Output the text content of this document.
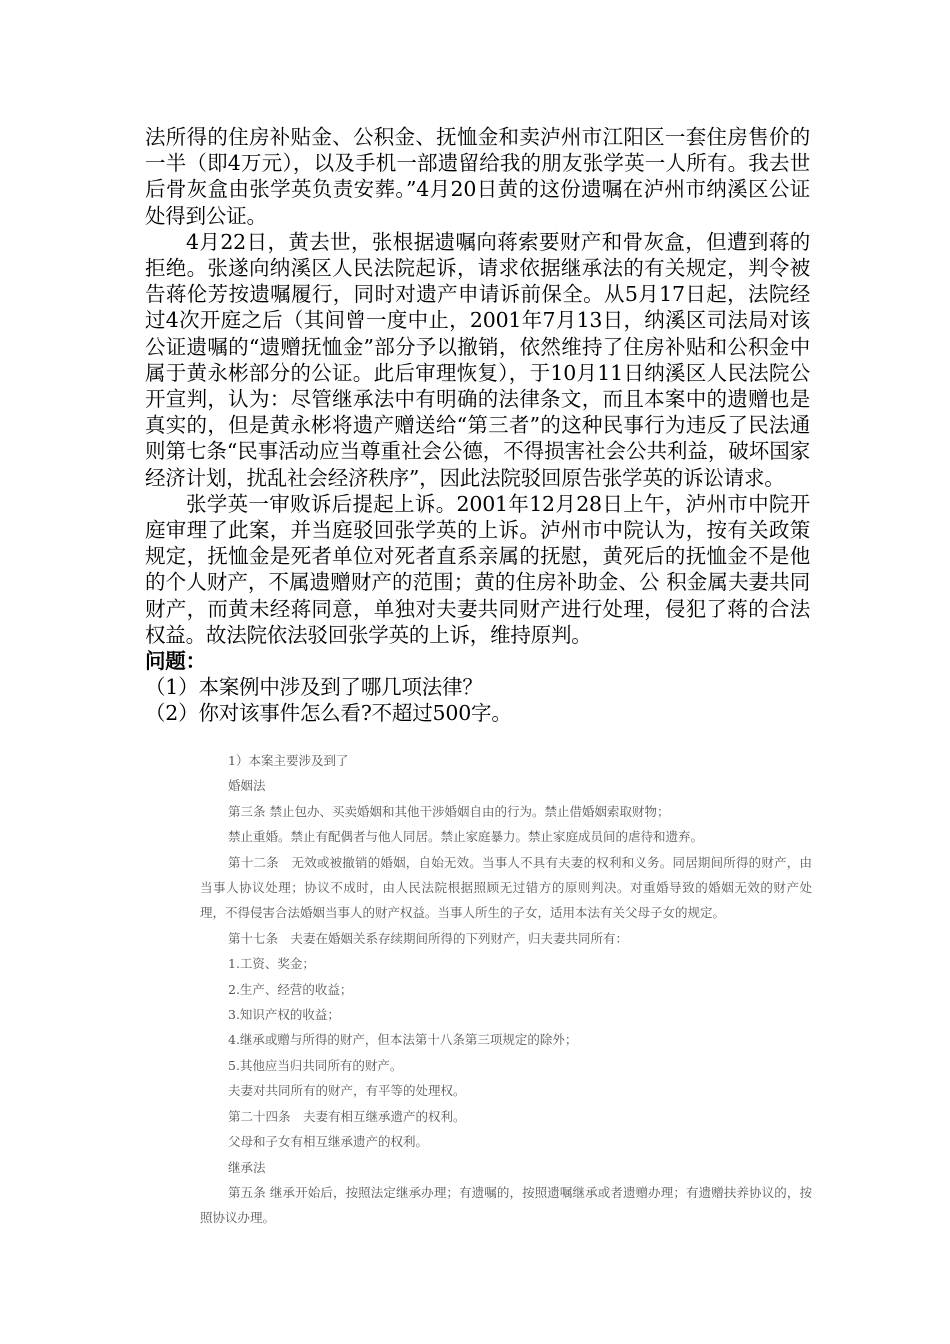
法所得的住房补贴金、公积金、抚恤金和卖泸州市江阳区一套住房售价的一半（即4万元），以及手机一部遗留给我的朋友张学英一人所有。我去世后骨灰盒由张学英负责安葬。”4月20日黄的这份遗嘱在泸州市纳溪区公证处得到公证。

4月22日，黄去世，张根据遗嘱向蒋索要财产和骨灰盒，但遭到蒋的拒绝。张遂向纳溪区人民法院起诉，请求依据继承法的有关规定，判令被告蒋伦芳按遗嘱履行，同时对遗产申请诉前保全。从5月17日起，法院经过4次开庭之后（其间曾一度中止，2001年7月13日，纳溪区司法局对该公证遗嘱的“遗赠抚恤金”部分予以撤销，依然维持了住房补贴和公积金中属于黄永彬部分的公证。此后审理恢复），于10月11日纳溪区人民法院公开宣判，认为：尽管继承法中有明确的法律条文，而且本案中的遗赠也是真实的，但是黄永彬将遗产赠送给“第三者”的这种民事行为违反了民法通则第七条“民事活动应当尊重社会公德，不得损害社会公共利益，破坏国家经济计划，扰乱社会经济秩序”，因此法院驳回原告张学英的诉讼请求。

张学英一审败诉后提起上诉。2001年12月28日上午，泸州市中院开庭审理了此案，并当庭驳回张学英的上诉。泸州市中院认为，按有关政策规定，抚恤金是死者单位对死者直系亲属的抚慰，黄死后的抚恤金不是他的个人财产，不属遗赠财产的范围；黄的住房补助金、公 积金属夫妻共同财产，而黄未经蒋同意，单独对夫妻共同财产进行处理，侵犯了蒋的合法权益。故法院依法驳回张学英的上诉，维持原判。

问题：

（1）本案例中涉及到了哪几项法律？

（2）你对该事件怎么看?不超过500字。

1）本案主要涉及到了

婚姻法

第三条 禁止包办、买卖婚姻和其他干涉婚姻自由的行为。禁止借婚姻索取财物；

禁止重婚。禁止有配偶者与他人同居。禁止家庭暴力。禁止家庭成员间的虐待和遗弃。

第十二条　无效或被撤销的婚姻，自始无效。当事人不具有夫妻的权利和义务。同居期间所得的财产，由当事人协议处理；协议不成时，由人民法院根据照顾无过错方的原则判决。对重婚导致的婚姻无效的财产处理，不得侵害合法婚姻当事人的财产权益。当事人所生的子女，适用本法有关父母子女的规定。

第十七条　夫妻在婚姻关系存续期间所得的下列财产，归夫妻共同所有：

1.工资、奖金；

2.生产、经营的收益；

3.知识产权的收益；

4.继承或赠与所得的财产，但本法第十八条第三项规定的除外；

5.其他应当归共同所有的财产。

夫妻对共同所有的财产，有平等的处理权。

第二十四条　夫妻有相互继承遗产的权利。

父母和子女有相互继承遗产的权利。

继承法

第五条 继承开始后，按照法定继承办理；有遗嘱的，按照遗嘱继承或者遗赠办理；有遗赠扶养协议的，按照协议办理。
